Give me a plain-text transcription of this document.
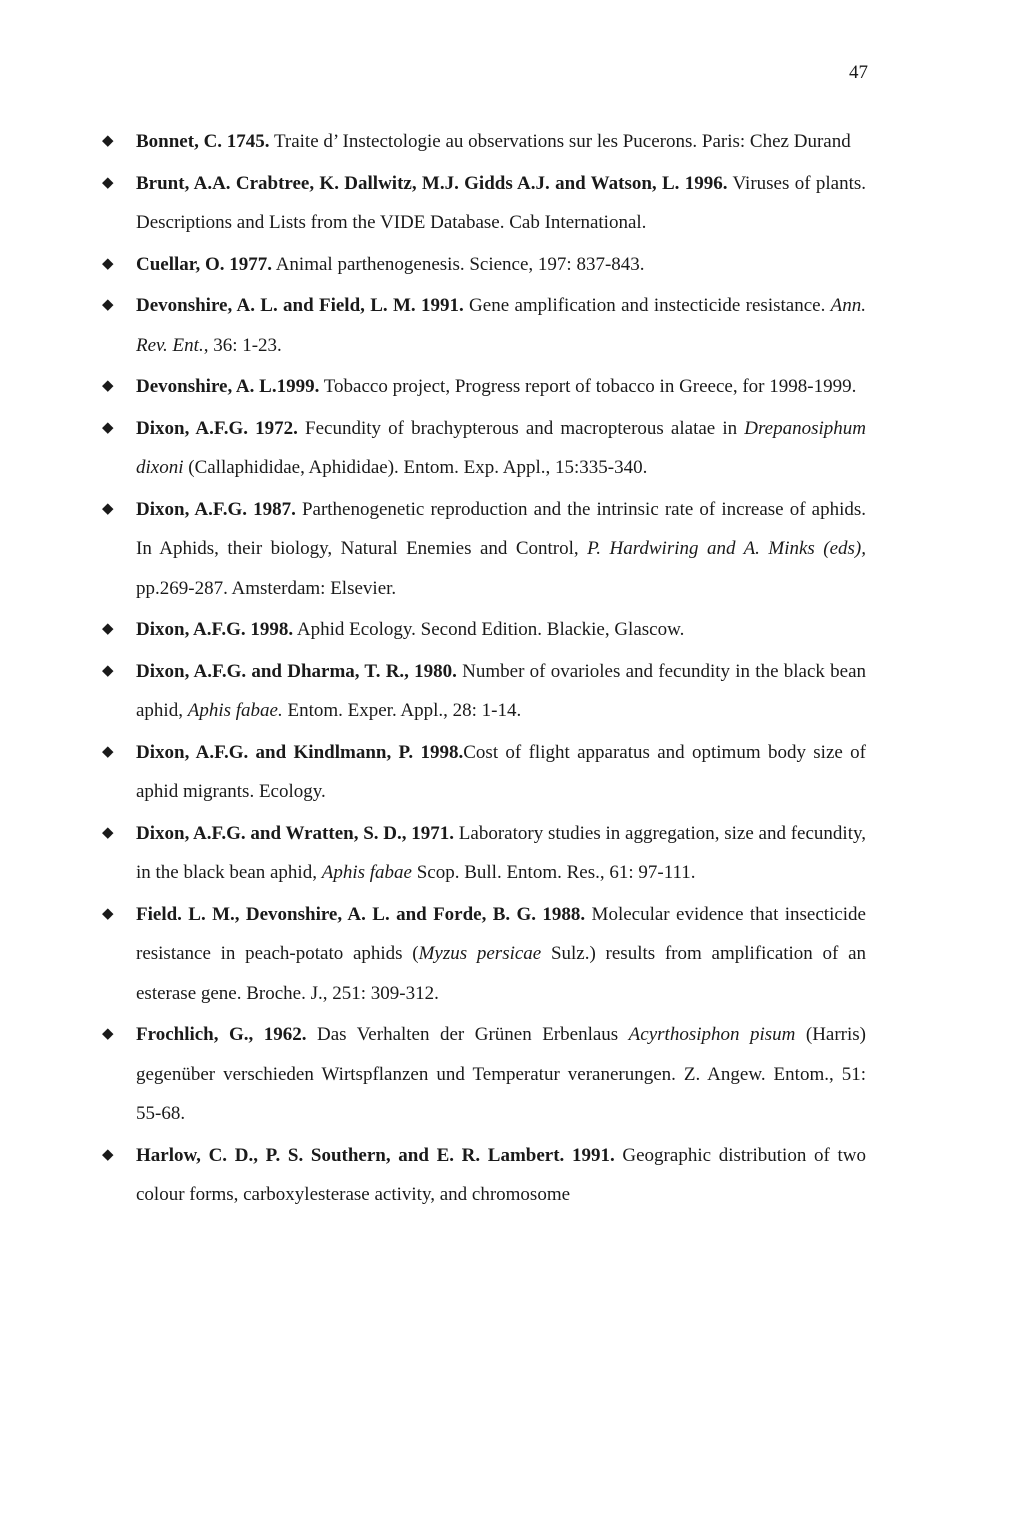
47
◆ Bonnet, C. 1745. Traite d’ Instectologie au observations sur les Pucerons. Paris: Chez Durand
◆ Brunt, A.A. Crabtree, K. Dallwitz, M.J. Gidds A.J. and Watson, L. 1996. Viruses of plants. Descriptions and Lists from the VIDE Database. Cab International.
◆ Cuellar, O. 1977. Animal parthenogenesis. Science, 197: 837-843.
◆ Devonshire, A. L. and Field, L. M. 1991. Gene amplification and instecticide resistance. Ann. Rev. Ent., 36: 1-23.
◆ Devonshire, A. L.1999. Tobacco project, Progress report of tobacco in Greece, for 1998-1999.
◆ Dixon, A.F.G. 1972. Fecundity of brachypterous and macropterous alatae in Drepanosiphum dixoni (Callaphididae, Aphididae). Entom. Exp. Appl., 15:335-340.
◆ Dixon, A.F.G. 1987. Parthenogenetic reproduction and the intrinsic rate of increase of aphids. In Aphids, their biology, Natural Enemies and Control, P. Hardwiring and A. Minks (eds), pp.269-287. Amsterdam: Elsevier.
◆ Dixon, A.F.G. 1998. Aphid Ecology. Second Edition. Blackie, Glascow.
◆ Dixon, A.F.G. and Dharma, T. R., 1980. Number of ovarioles and fecundity in the black bean aphid, Aphis fabae. Entom. Exper. Appl., 28: 1-14.
◆ Dixon, A.F.G. and Kindlmann, P. 1998.Cost of flight apparatus and optimum body size of aphid migrants. Ecology.
◆ Dixon, A.F.G. and Wratten, S. D., 1971. Laboratory studies in aggregation, size and fecundity, in the black bean aphid, Aphis fabae Scop. Bull. Entom. Res., 61: 97-111.
◆ Field. L. M., Devonshire, A. L. and Forde, B. G. 1988. Molecular evidence that insecticide resistance in peach-potato aphids (Myzus persicae Sulz.) results from amplification of an esterase gene. Broche. J., 251: 309-312.
◆ Frochlich, G., 1962. Das Verhalten der Grünen Erbenlaus Acyrthosiphon pisum (Harris) gegenüber verschieden Wirtspflanzen und Temperatur veranerungen. Z. Angew. Entom., 51: 55-68.
◆ Harlow, C. D., P. S. Southern, and E. R. Lambert. 1991. Geographic distribution of two colour forms, carboxylesterase activity, and chromosome
